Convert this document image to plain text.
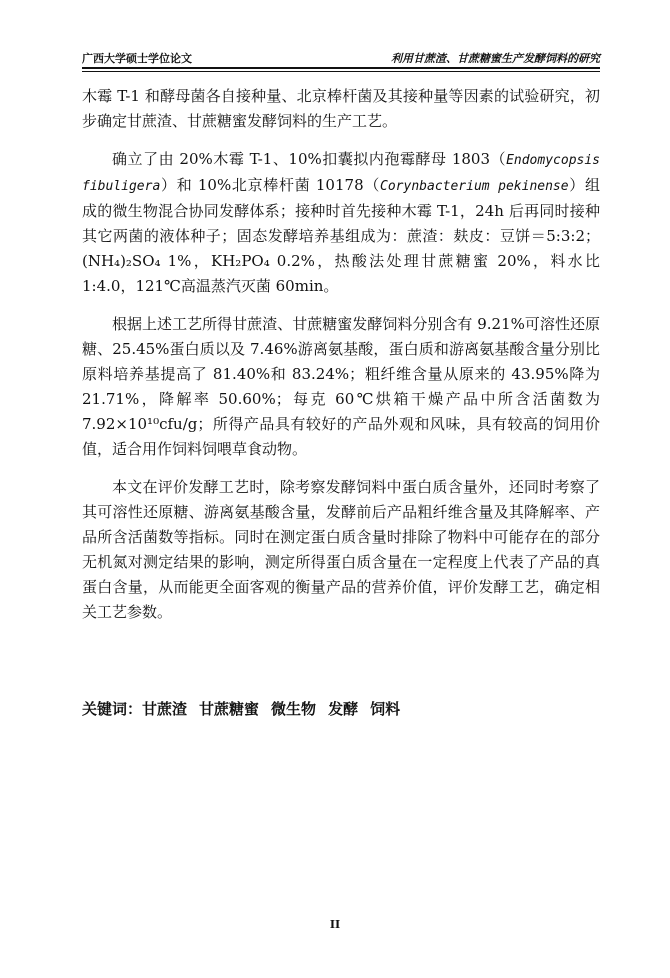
广西大学硕士学位论文	利用甘蔗渣、甘蔗糖蜜生产发酵饲料的研究

木霉 T-1 和酵母菌各自接种量、北京棒杆菌及其接种量等因素的试验研究，初步确定甘蔗渣、甘蔗糖蜜发酵饲料的生产工艺。

确立了由 20%木霉 T-1、10%扣囊拟内孢霉酵母 1803（Endomycopsis fibuligera）和 10%北京棒杆菌 10178（Corynbacterium pekinense）组成的微生物混合协同发酵体系；接种时首先接种木霉 T-1，24h 后再同时接种其它两菌的液体种子；固态发酵培养基组成为：蔗渣：麸皮：豆饼＝5:3:2；(NH₄)₂SO₄ 1%，KH₂PO₄ 0.2%，热酸法处理甘蔗糖蜜 20%，料水比 1:4.0，121℃高温蒸汽灭菌 60min。

根据上述工艺所得甘蔗渣、甘蔗糖蜜发酵饲料分别含有 9.21%可溶性还原糖、25.45%蛋白质以及 7.46%游离氨基酸，蛋白质和游离氨基酸含量分别比原料培养基提高了 81.40%和 83.24%；粗纤维含量从原来的 43.95%降为 21.71%，降解率 50.60%；每克 60℃烘箱干燥产品中所含活菌数为 7.92×10¹⁰cfu/g；所得产品具有较好的产品外观和风味，具有较高的饲用价值，适合用作饲料饲喂草食动物。

本文在评价发酵工艺时，除考察发酵饲料中蛋白质含量外，还同时考察了其可溶性还原糖、游离氨基酸含量，发酵前后产品粗纤维含量及其降解率、产品所含活菌数等指标。同时在测定蛋白质含量时排除了物料中可能存在的部分无机氮对测定结果的影响，测定所得蛋白质含量在一定程度上代表了产品的真蛋白含量，从而能更全面客观的衡量产品的营养价值，评价发酵工艺，确定相关工艺参数。

关键词：甘蔗渣 甘蔗糖蜜 微生物 发酵 饲料
II
